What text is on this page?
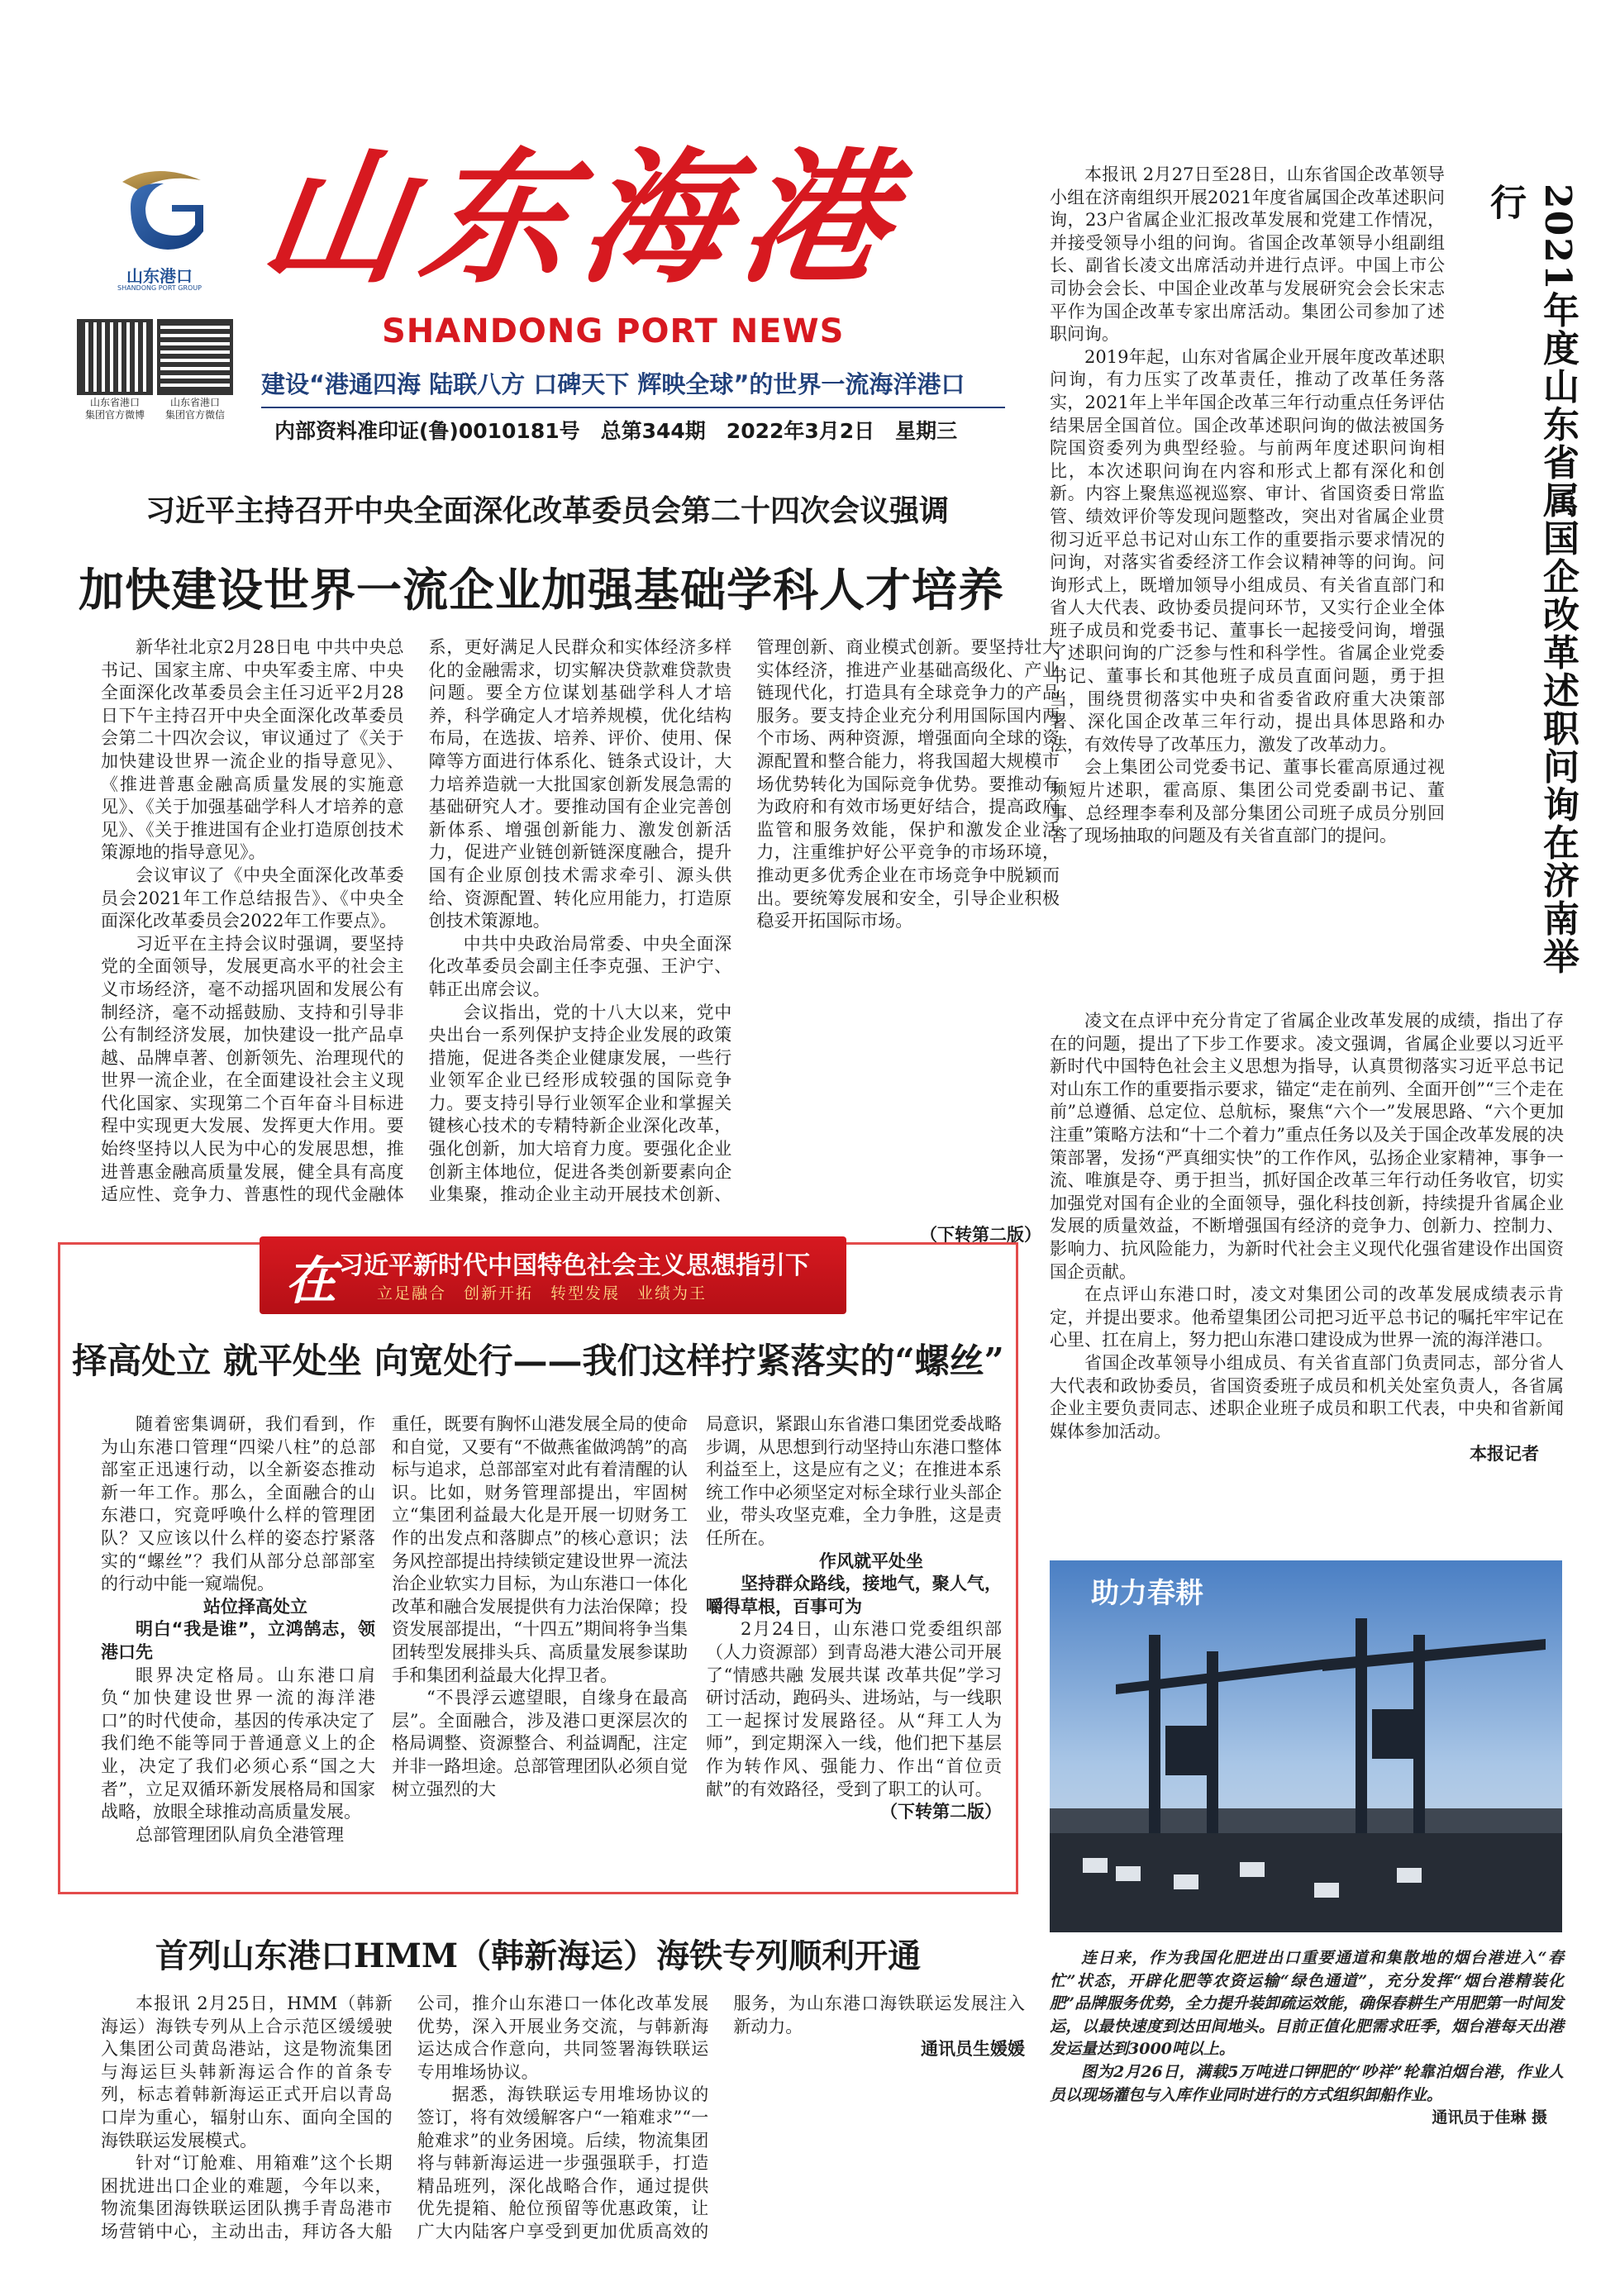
山东港口
SHANDONG PORT GROUP 山东海港
SHANDONG PORT NEWS
建设“港通四海 陆联八方 口碑天下 辉映全球”的世界一流海洋港口
内部资料准印证(鲁)0010181号　总第344期　2022年3月2日　星期三
山东省港口
集团官方微博
山东省港口
集团官方微信

本报讯 2月27日至28日，山东省国企改革领导小组在济南组织开展2021年度省属国企改革述职问询，23户省属企业汇报改革发展和党建工作情况，并接受领导小组的问询。省国企改革领导小组副组长、副省长凌文出席活动并进行点评。中国上市公司协会会长、中国企业改革与发展研究会会长宋志平作为国企改革专家出席活动。集团公司参加了述职问询。

2019年起，山东对省属企业开展年度改革述职问询，有力压实了改革责任，推动了改革任务落实，2021年上半年国企改革三年行动重点任务评估结果居全国首位。国企改革述职问询的做法被国务院国资委列为典型经验。与前两年度述职问询相比，本次述职问询在内容和形式上都有深化和创新。内容上聚焦巡视巡察、审计、省国资委日常监管、绩效评价等发现问题整改，突出对省属企业贯彻习近平总书记对山东工作的重要指示要求情况的问询，对落实省委经济工作会议精神等的问询。问询形式上，既增加领导小组成员、有关省直部门和省人大代表、政协委员提问环节，又实行企业全体班子成员和党委书记、董事长一起接受问询，增强了述职问询的广泛参与性和科学性。省属企业党委书记、董事长和其他班子成员直面问题，勇于担当，围绕贯彻落实中央和省委省政府重大决策部署、深化国企改革三年行动，提出具体思路和办法，有效传导了改革压力，激发了改革动力。

会上集团公司党委书记、董事长霍高原通过视频短片述职，霍高原、集团公司党委副书记、董事、总经理李奉利及部分集团公司班子成员分别回答了现场抽取的问题及有关省直部门的提问。	2021年度山东省属国企改革述职问询在济南举行

凌文在点评中充分肯定了省属企业改革发展的成绩，指出了存在的问题，提出了下步工作要求。凌文强调，省属企业要以习近平新时代中国特色社会主义思想为指导，认真贯彻落实习近平总书记对山东工作的重要指示要求，锚定“走在前列、全面开创”“三个走在前”总遵循、总定位、总航标，聚焦“六个一”发展思路、“六个更加注重”策略方法和“十二个着力”重点任务以及关于国企改革发展的决策部署，发扬“严真细实快”的工作作风，弘扬企业家精神，事争一流、唯旗是夺、勇于担当，抓好国企改革三年行动任务收官，切实加强党对国有企业的全面领导，强化科技创新，持续提升省属企业发展的质量效益，不断增强国有经济的竞争力、创新力、控制力、影响力、抗风险能力，为新时代社会主义现代化强省建设作出国资国企贡献。

在点评山东港口时，凌文对集团公司的改革发展成绩表示肯定，并提出要求。他希望集团公司把习近平总书记的嘱托牢牢记在心里、扛在肩上，努力把山东港口建设成为世界一流的海洋港口。

省国企改革领导小组成员、有关省直部门负责同志，部分省人大代表和政协委员，省国资委班子成员和机关处室负责人，各省属企业主要负责同志、述职企业班子成员和职工代表，中央和省新闻媒体参加活动。

本报记者

习近平主持召开中央全面深化改革委员会第二十四次会议强调
加快建设世界一流企业加强基础学科人才培养

新华社北京2月28日电 中共中央总书记、国家主席、中央军委主席、中央全面深化改革委员会主任习近平2月28日下午主持召开中央全面深化改革委员会第二十四次会议，审议通过了《关于加快建设世界一流企业的指导意见》、《推进普惠金融高质量发展的实施意见》、《关于加强基础学科人才培养的意见》、《关于推进国有企业打造原创技术策源地的指导意见》。

会议审议了《中央全面深化改革委员会2021年工作总结报告》、《中央全面深化改革委员会2022年工作要点》。

习近平在主持会议时强调，要坚持党的全面领导，发展更高水平的社会主义市场经济，毫不动摇巩固和发展公有制经济，毫不动摇鼓励、支持和引导非公有制经济发展，加快建设一批产品卓越、品牌卓著、创新领先、治理现代的世界一流企业，在全面建设社会主义现代化国家、实现第二个百年奋斗目标进程中实现更大发展、发挥更大作用。要始终坚持以人民为中心的发展思想，推进普惠金融高质量发展，健全具有高度适应性、竞争力、普惠性的现代金融体系，更好满足人民群众和实体经济多样化的金融需求，切实解决贷款难贷款贵问题。要全方位谋划基础学科人才培养，科学确定人才培养规模，优化结构布局，在选拔、培养、评价、使用、保障等方面进行体系化、链条式设计，大力培养造就一大批国家创新发展急需的基础研究人才。要推动国有企业完善创新体系、增强创新能力、激发创新活力，促进产业链创新链深度融合，提升国有企业原创技术需求牵引、源头供给、资源配置、转化应用能力，打造原创技术策源地。

中共中央政治局常委、中央全面深化改革委员会副主任李克强、王沪宁、韩正出席会议。

会议指出，党的十八大以来，党中央出台一系列保护支持企业发展的政策措施，促进各类企业健康发展，一些行业领军企业已经形成较强的国际竞争力。要支持引导行业领军企业和掌握关键核心技术的专精特新企业深化改革，强化创新，加大培育力度。要强化企业创新主体地位，促进各类创新要素向企业集聚，推动企业主动开展技术创新、管理创新、商业模式创新。要坚持壮大实体经济，推进产业基础高级化、产业链现代化，打造具有全球竞争力的产品服务。要支持企业充分利用国际国内两个市场、两种资源，增强面向全球的资源配置和整合能力，将我国超大规模市场优势转化为国际竞争优势。要推动有为政府和有效市场更好结合，提高政府监管和服务效能，保护和激发企业活力，注重维护好公平竞争的市场环境，推动更多优秀企业在市场竞争中脱颖而出。要统筹发展和安全，引导企业积极稳妥开拓国际市场。

（下转第二版）
在 习近平新时代中国特色社会主义思想指引下
立足融合　创新开拓　转型发展　业绩为王
择高处立 就平处坐 向宽处行——我们这样拧紧落实的“螺丝”

随着密集调研，我们看到，作为山东港口管理“四梁八柱”的总部部室正迅速行动，以全新姿态推动新一年工作。那么，全面融合的山东港口，究竟呼唤什么样的管理团队？又应该以什么样的姿态拧紧落实的“螺丝”？我们从部分总部部室的行动中能一窥端倪。

站位择高处立

明白“我是谁”，立鸿鹄志，领港口先

眼界决定格局。山东港口肩负“加快建设世界一流的海洋港口”的时代使命，基因的传承决定了我们绝不能等同于普通意义上的企业，决定了我们必须心系“国之大者”，立足双循环新发展格局和国家战略，放眼全球推动高质量发展。

总部管理团队肩负全港管理

重任，既要有胸怀山港发展全局的使命和自觉，又要有“不做燕雀做鸿鹄”的高标与追求，总部部室对此有着清醒的认识。比如，财务管理部提出，牢固树立“集团利益最大化是开展一切财务工作的出发点和落脚点”的核心意识；法务风控部提出持续锁定建设世界一流法治企业软实力目标，为山东港口一体化改革和融合发展提供有力法治保障；投资发展部提出，“十四五”期间将争当集团转型发展排头兵、高质量发展参谋助手和集团利益最大化捍卫者。

“不畏浮云遮望眼，自缘身在最高层”。全面融合，涉及港口更深层次的格局调整、资源整合、利益调配，注定并非一路坦途。总部管理团队必须自觉树立强烈的大

局意识，紧跟山东省港口集团党委战略步调，从思想到行动坚持山东港口整体利益至上，这是应有之义；在推进本系统工作中必须坚定对标全球行业头部企业，带头攻坚克难，全力争胜，这是责任所在。

作风就平处坐

坚持群众路线，接地气，聚人气，嚼得草根，百事可为

2月24日，山东港口党委组织部（人力资源部）到青岛港大港公司开展了“情感共融 发展共谋 改革共促”学习研讨活动，跑码头、进场站，与一线职工一起探讨发展路径。从“拜工人为师”，到定期深入一线，他们把下基层作为转作风、强能力、作出“首位贡献”的有效路径，受到了职工的认可。

（下转第二版）

首列山东港口HMM（韩新海运）海铁专列顺利开通

本报讯 2月25日，HMM（韩新海运）海铁专列从上合示范区缓缓驶入集团公司黄岛港站，这是物流集团与海运巨头韩新海运合作的首条专列，标志着韩新海运正式开启以青岛口岸为重心，辐射山东、面向全国的海铁联运发展模式。

针对“订舱难、用箱难”这个长期困扰进出口企业的难题，今年以来，物流集团海铁联运团队携手青岛港市场营销中心，主动出击，拜访各大船公司，推介山东港口一体化改革发展优势，深入开展业务交流，与韩新海运达成合作意向，共同签署海铁联运专用堆场协议。

据悉，海铁联运专用堆场协议的签订，将有效缓解客户“一箱难求”“一舱难求”的业务困境。后续，物流集团将与韩新海运进一步强强联手，打造精品班列，深化战略合作，通过提供优先提箱、舱位预留等优惠政策，让广大内陆客户享受到更加优质高效的服务，为山东港口海铁联运发展注入新动力。

通讯员生媛媛

助力春耕

连日来，作为我国化肥进出口重要通道和集散地的烟台港进入“春忙”状态，开辟化肥等农资运输“绿色通道”，充分发挥“烟台港精装化肥”品牌服务优势，全力提升装卸疏运效能，确保春耕生产用肥第一时间发运，以最快速度到达田间地头。目前正值化肥需求旺季，烟台港每天出港发运量达到3000吨以上。

图为2月26日，满载5万吨进口钾肥的“吵祥”轮靠泊烟台港，作业人员以现场灌包与入库作业同时进行的方式组织卸船作业。

通讯员于佳琳 摄
